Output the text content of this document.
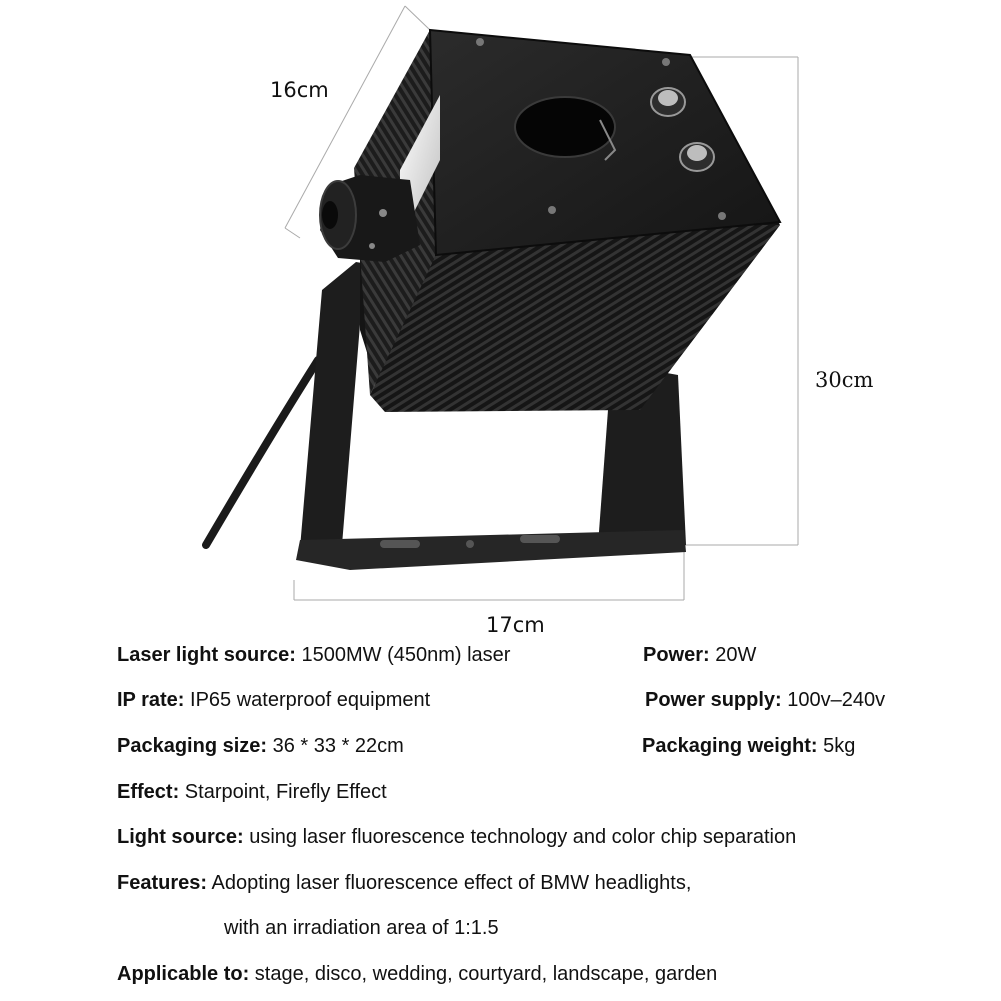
16cm
30cm
17cm
Laser light source: 1500MW (450nm) laser	Power: 20W
IP rate: IP65 waterproof equipment	Power supply: 100v–240v
Packaging size: 36 * 33 * 22cm	Packaging weight: 5kg
Effect: Starpoint, Firefly Effect
Light source: using laser fluorescence technology and color chip separation
Features: Adopting laser fluorescence effect of BMW headlights,
with an irradiation area of 1:1.5
Applicable to: stage, disco, wedding, courtyard, landscape, garden
